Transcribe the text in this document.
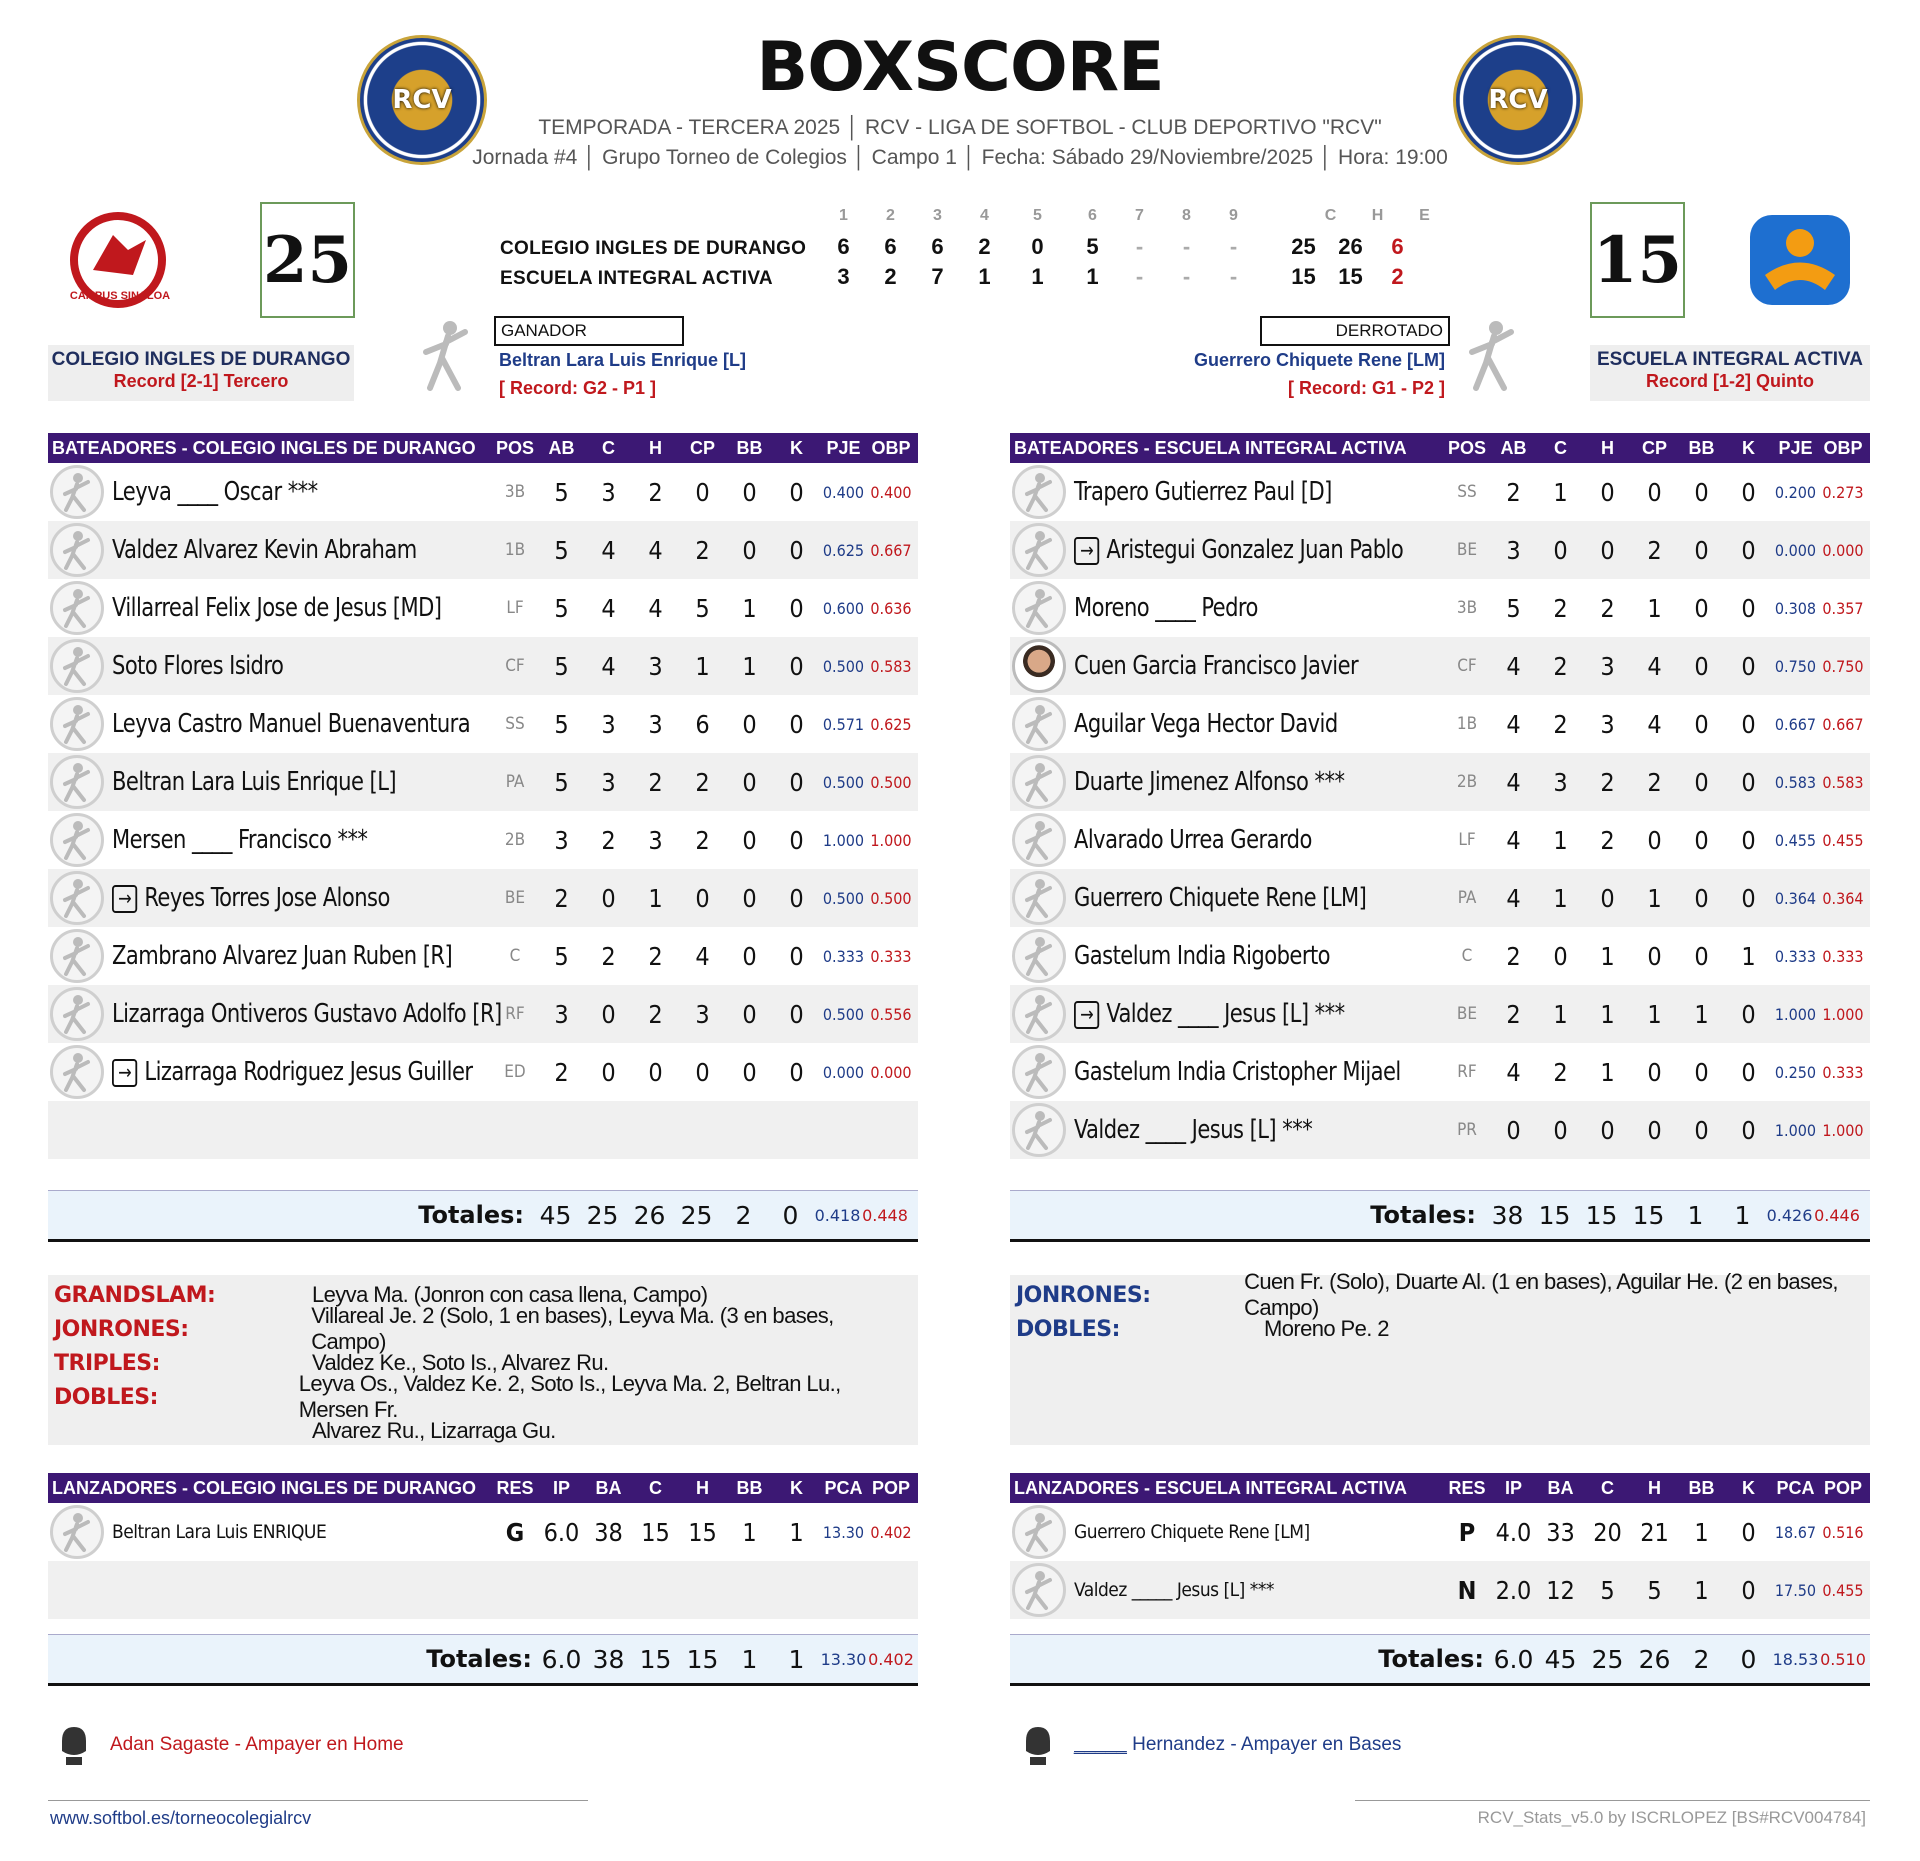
RCV	RCV
BOXSCORE
TEMPORADA - TERCERA 2025 │ RCV - LIGA DE SOFTBOL - CLUB DEPORTIVO "RCV"
Jornada #4 │ Grupo Torneo de Colegios │ Campo 1 │ Fecha: Sábado 29/Noviembre/2025 │ Hora: 19:00
CAMPUS SINALOA 25	15
1 2 3 4	5	6 7 8 9	C H E
COLEGIO INGLES DE DURANGO 6 6 6 2 0 5 - - - 25 26 6
ESCUELA INTEGRAL ACTIVA	3 2 7 1 1 1 - - - 15 15 2
COLEGIO INGLES DE DURANGO
Record [2-1] Tercero
ESCUELA INTEGRAL ACTIVA
Record [1-2] Quinto
GANADOR
Beltran Lara Luis Enrique [L]
[ Record: G2 - P1 ]
DERROTADO
Guerrero Chiquete Rene [LM]
[ Record: G1 - P2 ]
BATEADORES - COLEGIO INGLES DE DURANGO	POS AB	C	H	CP	BB	K	PJE OBP
Leyva ____ Oscar ***	3B	5	3	2	0	0	0	0.400 0.400
Valdez Alvarez Kevin Abraham	1B	5	4	4	2	0	0	0.625 0.667
Villarreal Felix Jose de Jesus [MD]	LF	5	4	4	5	1	0	0.600 0.636
Soto Flores Isidro	CF	5	4	3	1	1	0	0.500 0.583
Leyva Castro Manuel Buenaventura	SS	5	3	3	6	0	0	0.571 0.625
Beltran Lara Luis Enrique [L]	PA	5	3	2	2	0	0	0.500 0.500
Mersen ____ Francisco ***	2B	3	2	3	2	0	0	1.000 1.000
→ Reyes Torres Jose Alonso	BE	2	0	1	0	0	0	0.500 0.500
Zambrano Alvarez Juan Ruben [R]	C	5	2	2	4	0	0	0.333 0.333
Lizarraga Ontiveros Gustavo Adolfo [R] RF	3	0	2	3	0	0	0.500 0.556
→ Lizarraga Rodriguez Jesus Guiller	ED	2	0	0	0	0	0	0.000 0.000
BATEADORES - ESCUELA INTEGRAL ACTIVA	POS AB	C	H	CP	BB	K	PJE OBP
Trapero Gutierrez Paul [D]	SS	2	1	0	0	0	0	0.200 0.273
→ Aristegui Gonzalez Juan Pablo	BE	3	0	0	2	0	0	0.000 0.000
Moreno ____ Pedro	3B	5	2	2	1	0	0	0.308 0.357
Cuen Garcia Francisco Javier	CF	4	2	3	4	0	0	0.750 0.750
Aguilar Vega Hector David	1B	4	2	3	4	0	0	0.667 0.667
Duarte Jimenez Alfonso ***	2B	4	3	2	2	0	0	0.583 0.583
Alvarado Urrea Gerardo	LF	4	1	2	0	0	0	0.455 0.455
Guerrero Chiquete Rene [LM]	PA	4	1	0	1	0	0	0.364 0.364
Gastelum India Rigoberto	C	2	0	1	0	0	1	0.333 0.333
→ Valdez ____ Jesus [L] ***	BE	2	1	1	1	1	0	1.000 1.000
Gastelum India Cristopher Mijael	RF	4	2	1	0	0	0	0.250 0.333
Valdez ____ Jesus [L] ***	PR	0	0	0	0	0	0	1.000 1.000
Totales: 45 25 26 25 2	0	0.418 0.448	Totales: 38 15 15 15 1	1	0.426 0.446
GRANDSLAM:	Leyva Ma. (Jonron con casa llena, Campo)
JONRONES:
Villareal Je. 2 (Solo, 1 en bases), Leyva Ma. (3 en bases, Campo)
TRIPLES:	Valdez Ke., Soto Is., Alvarez Ru.
DOBLES:
Leyva Os., Valdez Ke. 2, Soto Is., Leyva Ma. 2, Beltran Lu., Mersen Fr.
Alvarez Ru., Lizarraga Gu.
JONRONES:
Cuen Fr. (Solo), Duarte Al. (1 en bases), Aguilar He. (2 en bases, Campo)
DOBLES:	Moreno Pe. 2
LANZADORES - COLEGIO INGLES DE DURANGO	RES	IP	BA	C	H	BB	K	PCA POP
Beltran Lara Luis ENRIQUE	G 6.0 38 15 15	1	1	13.30 0.402
LANZADORES - ESCUELA INTEGRAL ACTIVA	RES	IP	BA	C	H	BB	K	PCA POP
Guerrero Chiquete Rene [LM]	P 4.0 33 20 21	1	0	18.67 0.516
Valdez _____ Jesus [L] ***	N 2.0 12	5	5	1	0	17.50 0.455
Totales: 6.0 38 15 15 1	1	13.30 0.402	Totales: 6.0 45 25 26 2	0	18.53 0.510
Adan Sagaste - Ampayer en Home	_____ Hernandez - Ampayer en Bases
www.softbol.es/torneocolegialrcv	RCV_Stats_v5.0 by ISCRLOPEZ [BS#RCV004784]
